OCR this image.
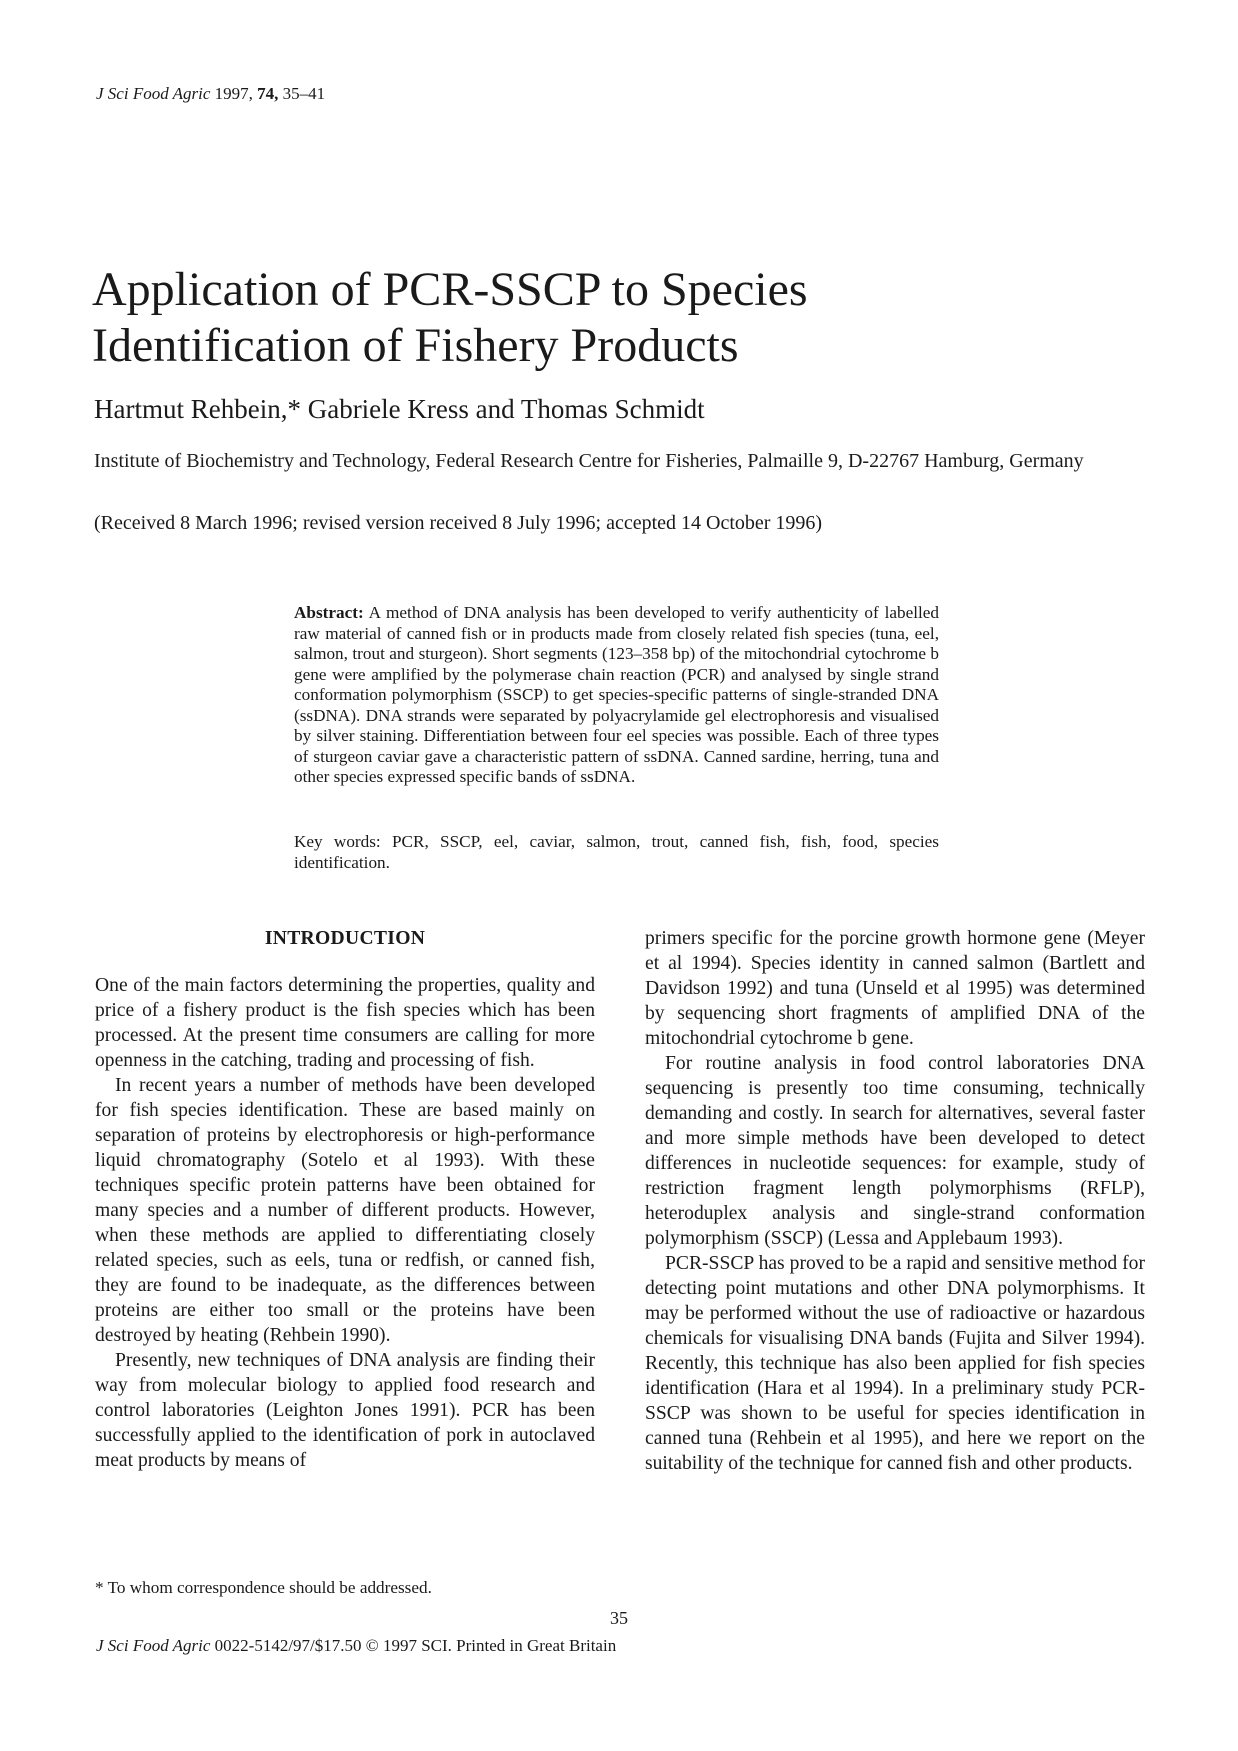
J Sci Food Agric 1997, 74, 35–41
Application of PCR-SSCP to Species
Identification of Fishery Products
Hartmut Rehbein,* Gabriele Kress and Thomas Schmidt
Institute of Biochemistry and Technology, Federal Research Centre for Fisheries, Palmaille 9, D-22767 Hamburg, Germany
(Received 8 March 1996; revised version received 8 July 1996; accepted 14 October 1996)
Abstract: A method of DNA analysis has been developed to verify authenticity of labelled raw material of canned fish or in products made from closely related fish species (tuna, eel, salmon, trout and sturgeon). Short segments (123–358 bp) of the mitochondrial cytochrome b gene were amplified by the polymerase chain reaction (PCR) and analysed by single strand conformation polymorphism (SSCP) to get species-specific patterns of single-stranded DNA (ssDNA). DNA strands were separated by polyacrylamide gel electrophoresis and visualised by silver staining. Differentiation between four eel species was possible. Each of three types of sturgeon caviar gave a characteristic pattern of ssDNA. Canned sardine, herring, tuna and other species expressed specific bands of ssDNA.
Key words: PCR, SSCP, eel, caviar, salmon, trout, canned fish, fish, food, species identification.

INTRODUCTION

One of the main factors determining the properties, quality and price of a fishery product is the fish species which has been processed. At the present time consumers are calling for more openness in the catching, trading and processing of fish.

In recent years a number of methods have been developed for fish species identification. These are based mainly on separation of proteins by electrophoresis or high-performance liquid chromatography (Sotelo et al 1993). With these techniques specific protein patterns have been obtained for many species and a number of different products. However, when these methods are applied to differentiating closely related species, such as eels, tuna or redfish, or canned fish, they are found to be inadequate, as the differences between proteins are either too small or the proteins have been destroyed by heating (Rehbein 1990).

Presently, new techniques of DNA analysis are finding their way from molecular biology to applied food research and control laboratories (Leighton Jones 1991). PCR has been successfully applied to the identification of pork in autoclaved meat products by means of

primers specific for the porcine growth hormone gene (Meyer et al 1994). Species identity in canned salmon (Bartlett and Davidson 1992) and tuna (Unseld et al 1995) was determined by sequencing short fragments of amplified DNA of the mitochondrial cytochrome b gene.

For routine analysis in food control laboratories DNA sequencing is presently too time consuming, technically demanding and costly. In search for alternatives, several faster and more simple methods have been developed to detect differences in nucleotide sequences: for example, study of restriction fragment length polymorphisms (RFLP), heteroduplex analysis and single-strand conformation polymorphism (SSCP) (Lessa and Applebaum 1993).

PCR-SSCP has proved to be a rapid and sensitive method for detecting point mutations and other DNA polymorphisms. It may be performed without the use of radioactive or hazardous chemicals for visualising DNA bands (Fujita and Silver 1994). Recently, this technique has also been applied for fish species identification (Hara et al 1994). In a preliminary study PCR-SSCP was shown to be useful for species identification in canned tuna (Rehbein et al 1995), and here we report on the suitability of the technique for canned fish and other products.

* To whom correspondence should be addressed.
35
J Sci Food Agric 0022-5142/97/$17.50 © 1997 SCI. Printed in Great Britain
